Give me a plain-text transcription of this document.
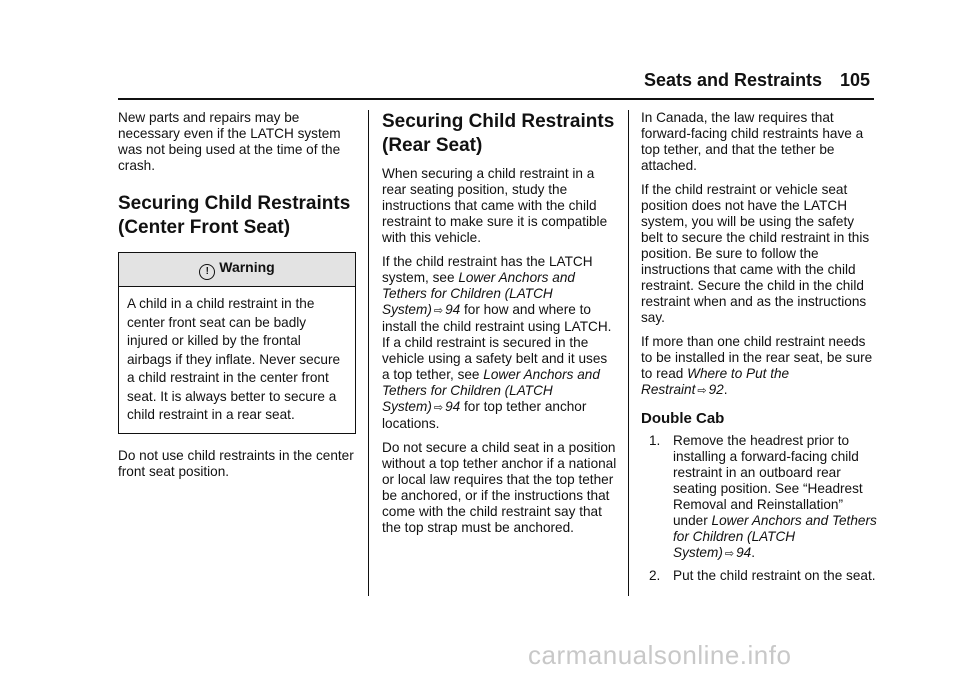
Seats and Restraints 105

New parts and repairs may be necessary even if the LATCH system was not being used at the time of the crash.

Securing Child Restraints
(Center Front Seat)
! Warning
A child in a child restraint in the center front seat can be badly injured or killed by the frontal airbags if they inflate. Never secure a child restraint in the center front seat. It is always better to secure a child restraint in a rear seat.

Do not use child restraints in the center front seat position.

Securing Child Restraints
(Rear Seat)

When securing a child restraint in a rear seating position, study the instructions that came with the child restraint to make sure it is compatible with this vehicle.

If the child restraint has the LATCH system, see Lower Anchors and Tethers for Children (LATCH System) ⇨ 94 for how and where to install the child restraint using LATCH. If a child restraint is secured in the vehicle using a safety belt and it uses a top tether, see Lower Anchors and Tethers for Children (LATCH System) ⇨ 94 for top tether anchor locations.

Do not secure a child seat in a position without a top tether anchor if a national or local law requires that the top tether be anchored, or if the instructions that come with the child restraint say that the top strap must be anchored.

In Canada, the law requires that forward-facing child restraints have a top tether, and that the tether be attached.

If the child restraint or vehicle seat position does not have the LATCH system, you will be using the safety belt to secure the child restraint in this position. Be sure to follow the instructions that came with the child restraint. Secure the child in the child restraint when and as the instructions say.

If more than one child restraint needs to be installed in the rear seat, be sure to read Where to Put the Restraint ⇨ 92.

Double Cab
1. Remove the headrest prior to installing a forward-facing child restraint in an outboard rear seating position. See “Headrest Removal and Reinstallation” under Lower Anchors and Tethers for Children (LATCH System) ⇨ 94.
2. Put the child restraint on the seat.
carmanualsonline.info
